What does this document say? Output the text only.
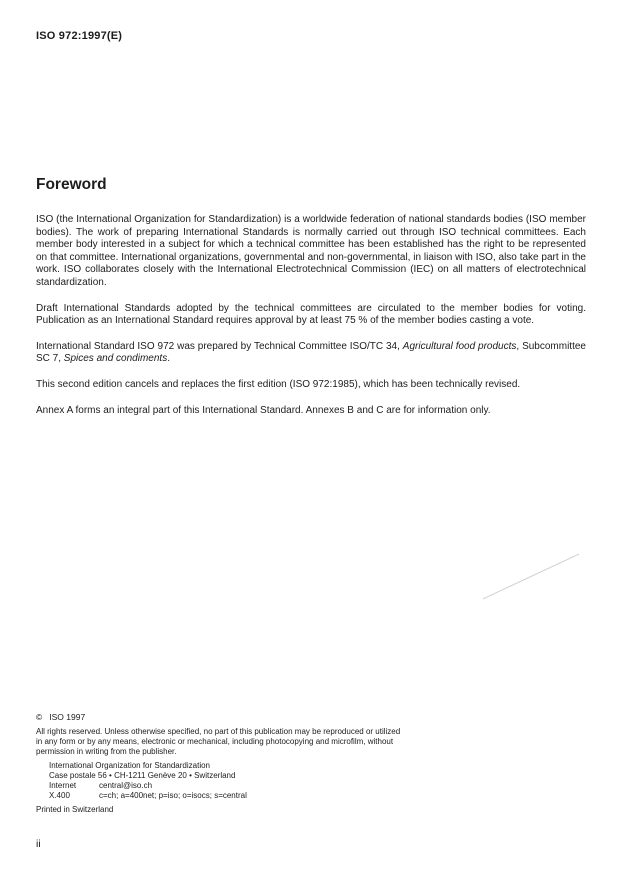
ISO 972:1997(E)
Foreword

ISO (the International Organization for Standardization) is a worldwide federation of national standards bodies (ISO member bodies). The work of preparing International Standards is normally carried out through ISO technical committees. Each member body interested in a subject for which a technical committee has been established has the right to be represented on that committee. International organizations, governmental and non-governmental, in liaison with ISO, also take part in the work. ISO collaborates closely with the International Electrotechnical Commission (IEC) on all matters of electrotechnical standardization.

Draft International Standards adopted by the technical committees are circulated to the member bodies for voting. Publication as an International Standard requires approval by at least 75 % of the member bodies casting a vote.

International Standard ISO 972 was prepared by Technical Committee ISO/TC 34, Agricultural food products, Subcommittee SC 7, Spices and condiments.

This second edition cancels and replaces the first edition (ISO 972:1985), which has been technically revised.

Annex A forms an integral part of this International Standard. Annexes B and C are for information only.

© ISO 1997
All rights reserved. Unless otherwise specified, no part of this publication may be reproduced or utilized in any form or by any means, electronic or mechanical, including photocopying and microfilm, without permission in writing from the publisher.
International Organization for Standardization
Case postale 56 • CH-1211 Genève 20 • Switzerland
Internet	central@iso.ch
X.400	c=ch; a=400net; p=iso; o=isocs; s=central
Printed in Switzerland
ii
